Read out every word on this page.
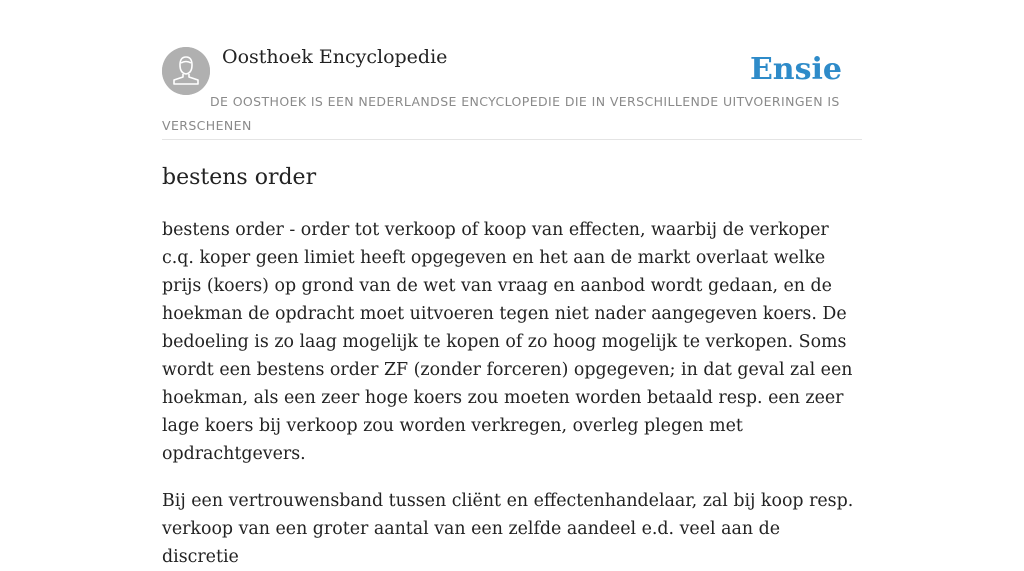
Oosthoek Encyclopedie	Ensie
DE OOSTHOEK IS EEN NEDERLANDSE ENCYCLOPEDIE DIE IN VERSCHILLENDE UITVOERINGEN IS VERSCHENEN
bestens order

bestens order - order tot verkoop of koop van effecten, waarbij de verkoper c.q. koper geen limiet heeft opgegeven en het aan de markt overlaat welke prijs (koers) op grond van de wet van vraag en aanbod wordt gedaan, en de hoekman de opdracht moet uitvoeren tegen niet nader aangegeven koers. De bedoeling is zo laag mogelijk te kopen of zo hoog mogelijk te verkopen. Soms wordt een bestens order ZF (zonder forceren) opgegeven; in dat geval zal een hoekman, als een zeer hoge koers zou moeten worden betaald resp. een zeer lage koers bij verkoop zou worden verkregen, overleg plegen met opdrachtgevers.

Bij een vertrouwensband tussen cliënt en effectenhandelaar, zal bij koop resp. verkoop van een groter aantal van een zelfde aandeel e.d. veel aan de discretie
